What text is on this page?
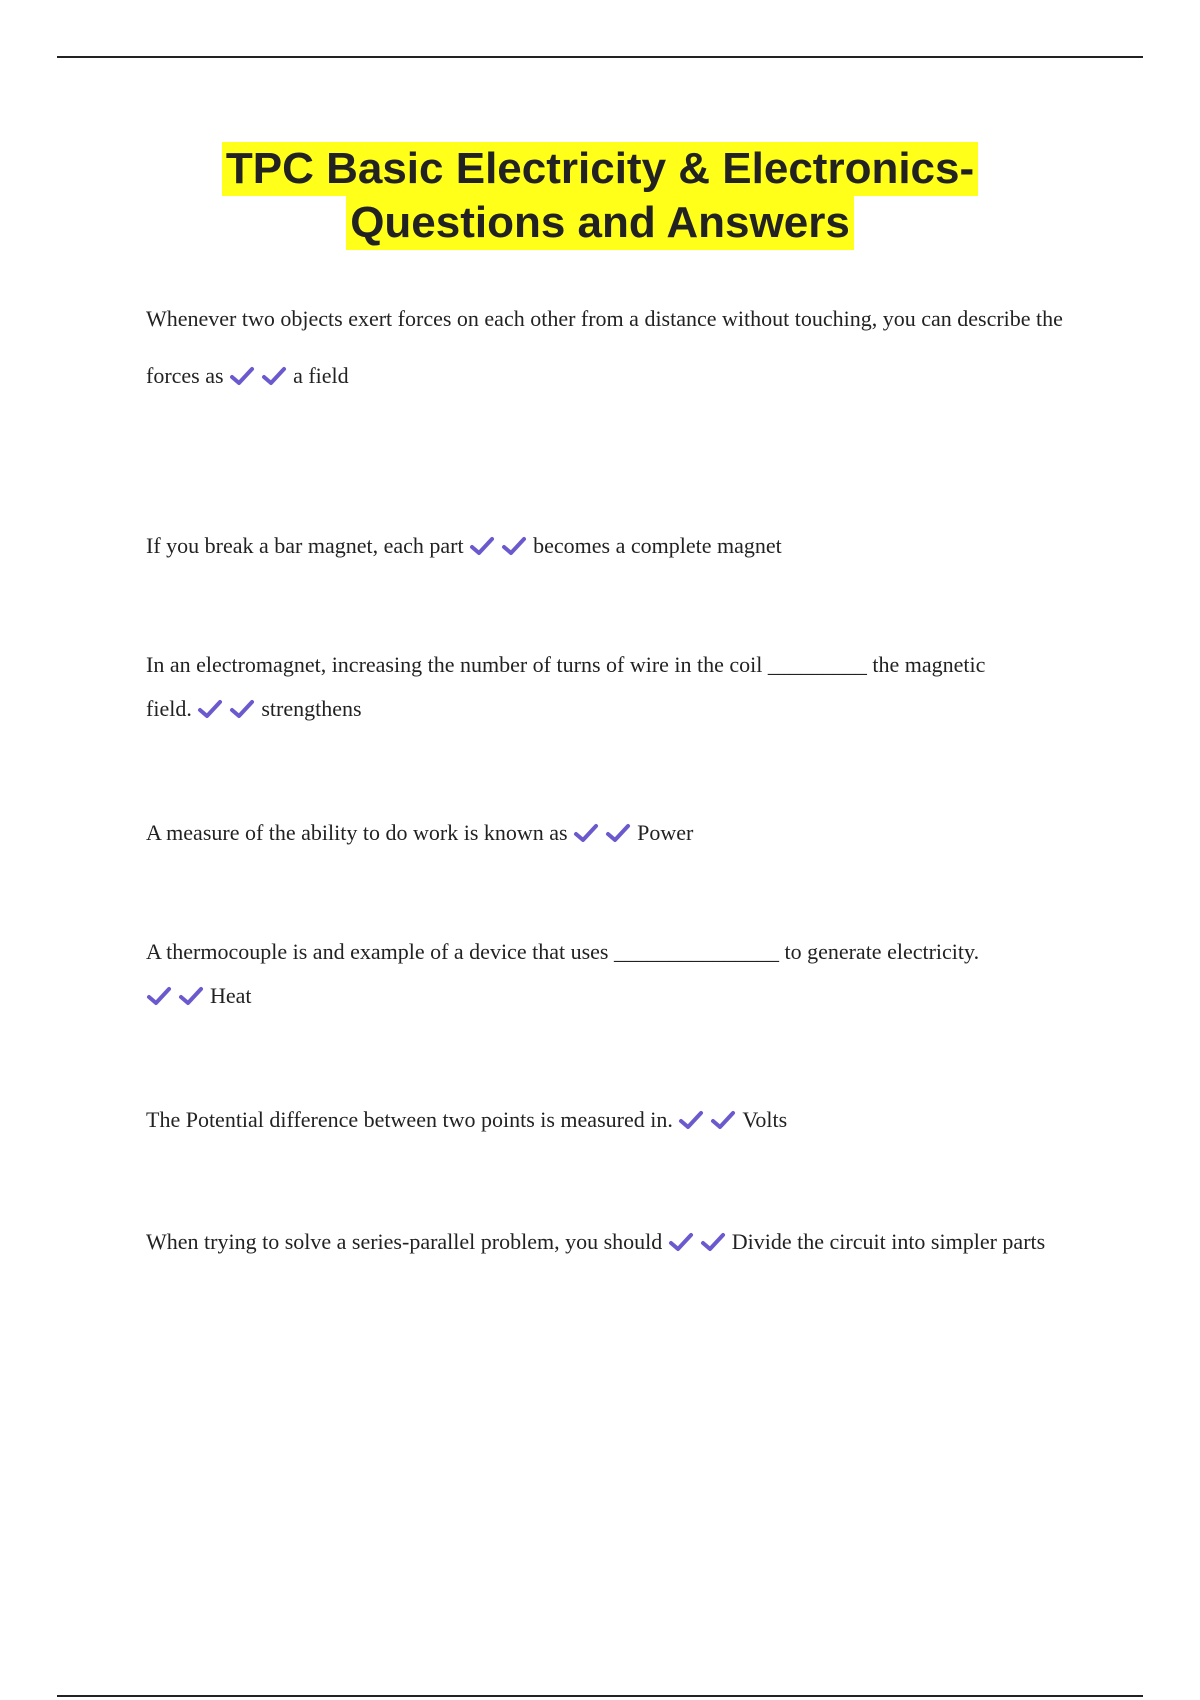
TPC Basic Electricity & Electronics-
Questions and Answers
Whenever two objects exert forces on each other from a distance without touching, you can describe the
forces as	a field
If you break a bar magnet, each part	becomes a complete magnet
In an electromagnet, increasing the number of turns of wire in the coil _________ the magnetic
field.	strengthens
A measure of the ability to do work is known as	Power
A thermocouple is and example of a device that uses _______________ to generate electricity.
Heat
The Potential difference between two points is measured in.	Volts
When trying to solve a series-parallel problem, you should	Divide the circuit into simpler parts
